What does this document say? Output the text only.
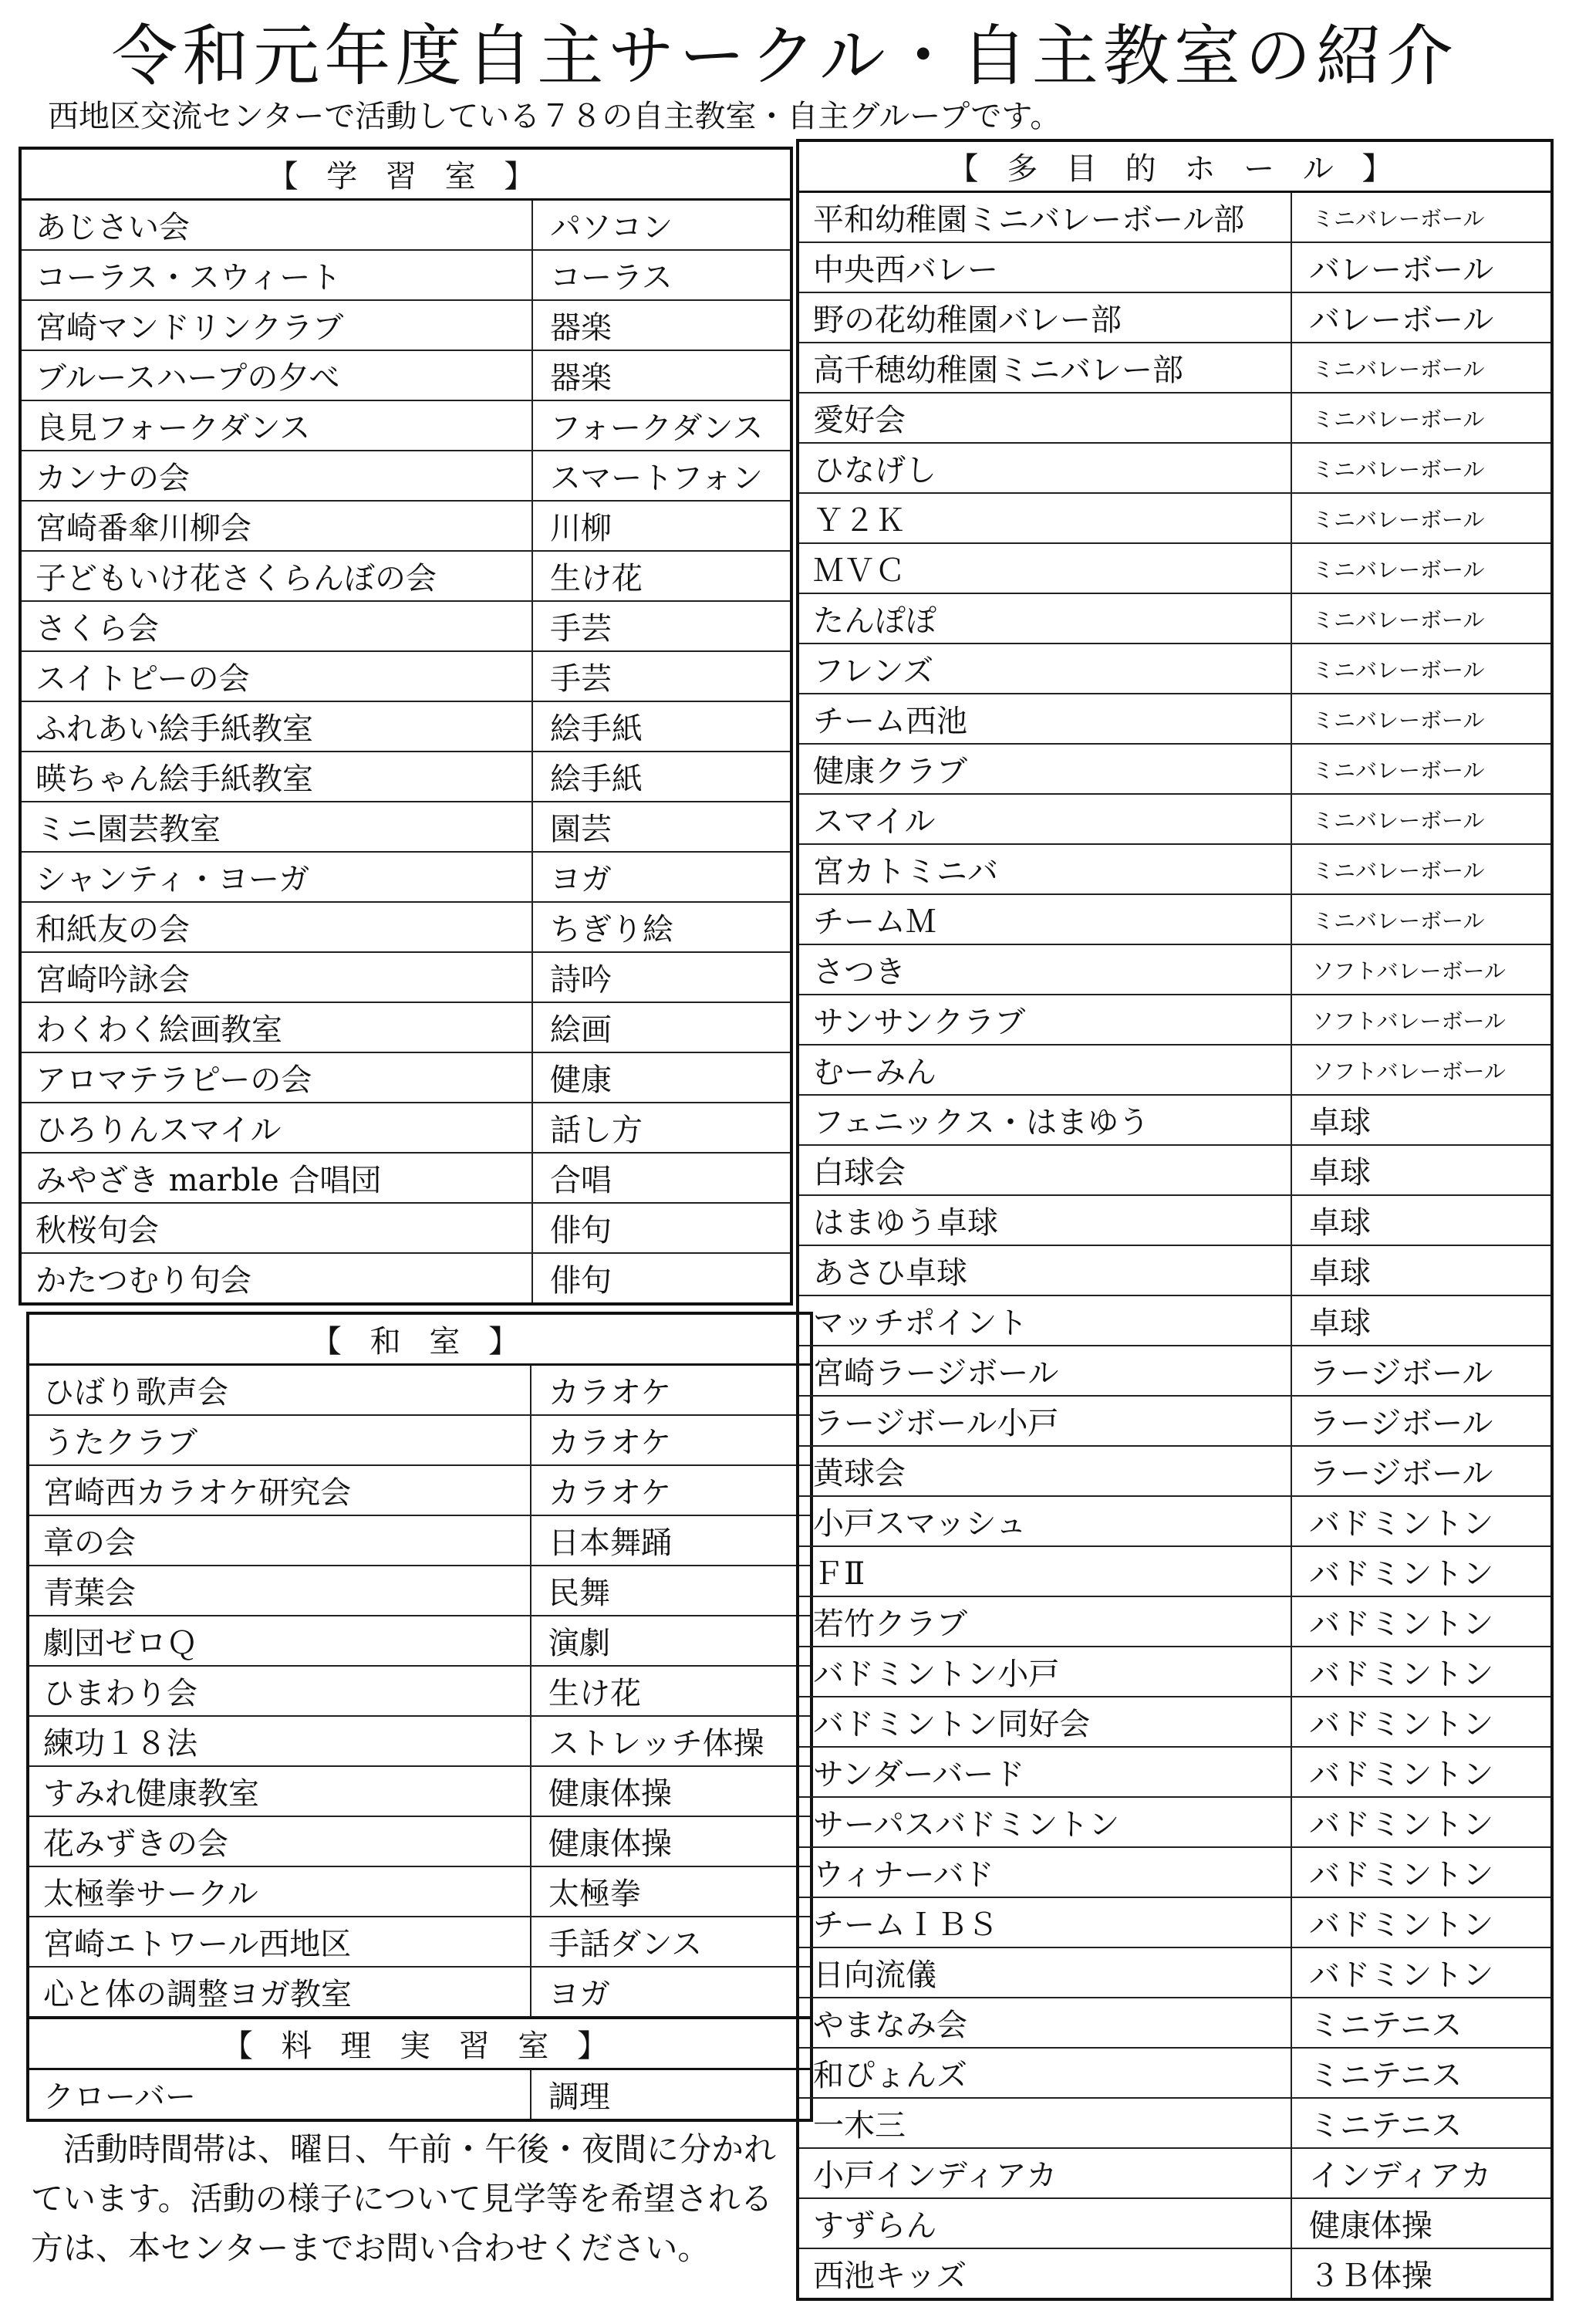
令和元年度自主サークル・自主教室の紹介
西地区交流センターで活動している７８の自主教室・自主グループです。
【 学 習 室 】	
あじさい会	パソコン
コーラス・スウィート	コーラス
宮崎マンドリンクラブ	器楽
ブルースハープの夕べ	器楽
良見フォークダンス	フォークダンス
カンナの会	スマートフォン
宮崎番傘川柳会	川柳
子どもいけ花さくらんぼの会	生け花
さくら会	手芸
スイトピーの会	手芸
ふれあい絵手紙教室	絵手紙
暎ちゃん絵手紙教室	絵手紙
ミニ園芸教室	園芸
シャンティ・ヨーガ	ヨガ
和紙友の会	ちぎり絵
宮崎吟詠会	詩吟
わくわく絵画教室	絵画
アロマテラピーの会	健康
ひろりんスマイル	話し方
みやざき marble 合唱団	合唱
秋桜句会	俳句
かたつむり句会	俳句
【 和 室 】	
ひばり歌声会	カラオケ
うたクラブ	カラオケ
宮崎西カラオケ研究会	カラオケ
章の会	日本舞踊
青葉会	民舞
劇団ゼロＱ	演劇
ひまわり会	生け花
練功１８法	ストレッチ体操
すみれ健康教室	健康体操
花みずきの会	健康体操
太極拳サークル	太極拳
宮崎エトワール西地区	手話ダンス
心と体の調整ヨガ教室	ヨガ
【 料 理 実 習 室 】	
クローバー	調理
【 多 目 的 ホ ー ル 】	
平和幼稚園ミニバレーボール部	ミニバレーボール
中央西バレー	バレーボール
野の花幼稚園バレー部	バレーボール
高千穂幼稚園ミニバレー部	ミニバレーボール
愛好会	ミニバレーボール
ひなげし	ミニバレーボール
Ｙ２Ｋ	ミニバレーボール
ＭＶＣ	ミニバレーボール
たんぽぽ	ミニバレーボール
フレンズ	ミニバレーボール
チーム西池	ミニバレーボール
健康クラブ	ミニバレーボール
スマイル	ミニバレーボール
宮カトミニバ	ミニバレーボール
チームＭ	ミニバレーボール
さつき	ソフトバレーボール
サンサンクラブ	ソフトバレーボール
むーみん	ソフトバレーボール
フェニックス・はまゆう	卓球
白球会	卓球
はまゆう卓球	卓球
あさひ卓球	卓球
マッチポイント	卓球
宮崎ラージボール	ラージボール
ラージボール小戸	ラージボール
黄球会	ラージボール
小戸スマッシュ	バドミントン
ＦⅡ	バドミントン
若竹クラブ	バドミントン
バドミントン小戸	バドミントン
バドミントン同好会	バドミントン
サンダーバード	バドミントン
サーパスバドミントン	バドミントン
ウィナーバド	バドミントン
チームＩＢＳ	バドミントン
日向流儀	バドミントン
やまなみ会	ミニテニス
和ぴょんズ	ミニテニス
一木三	ミニテニス
小戸インディアカ	インディアカ
すずらん	健康体操
西池キッズ	３Ｂ体操
活動時間帯は、曜日、午前・午後・夜間に分かれています。活動の様子について見学等を希望される方は、本センターまでお問い合わせください。
